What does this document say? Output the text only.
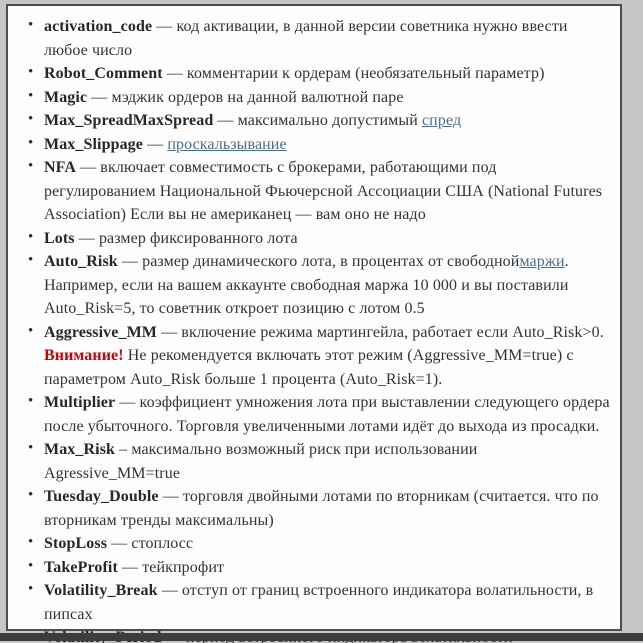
• activation_code — код активации, в данной версии советника нужно ввести любое число
• Robot_Comment — комментарии к ордерам (необязательный параметр)
• Magic — мэджик ордеров на данной валютной паре
• Max_SpreadMaxSpread — максимально допустимый спред
• Max_Slippage — проскальзывание
• NFA — включает совместимость с брокерами, работающими под регулированием Национальной Фьючерсной Ассоциации США (National Futures Association) Если вы не американец — вам оно не надо
• Lots — размер фиксированного лота
• Auto_Risk — размер динамического лота, в процентах от свободноймаржи. Например, если на вашем аккаунте свободная маржа 10 000 и вы поставили Auto_Risk=5, то советник откроет позицию с лотом 0.5
• Aggressive_MM — включение режима мартингейла, работает если Auto_Risk>0. Внимание! Не рекомендуется включать этот режим (Aggressive_MM=true) с параметром Auto_Risk больше 1 процента (Auto_Risk=1).
• Multiplier — коэффициент умножения лота при выставлении следующего ордера после убыточного. Торговля увеличенными лотами идёт до выхода из просадки.
• Max_Risk – максимально возможный риск при использовании Agressive_MM=true
• Tuesday_Double — торговля двойными лотами по вторникам (считается. что по вторникам тренды максимальны)
• StopLoss — стоплосс
• TakeProfit — тейкпрофит
• Volatility_Break — отступ от границ встроенного индикатора волатильности, в пипсах
